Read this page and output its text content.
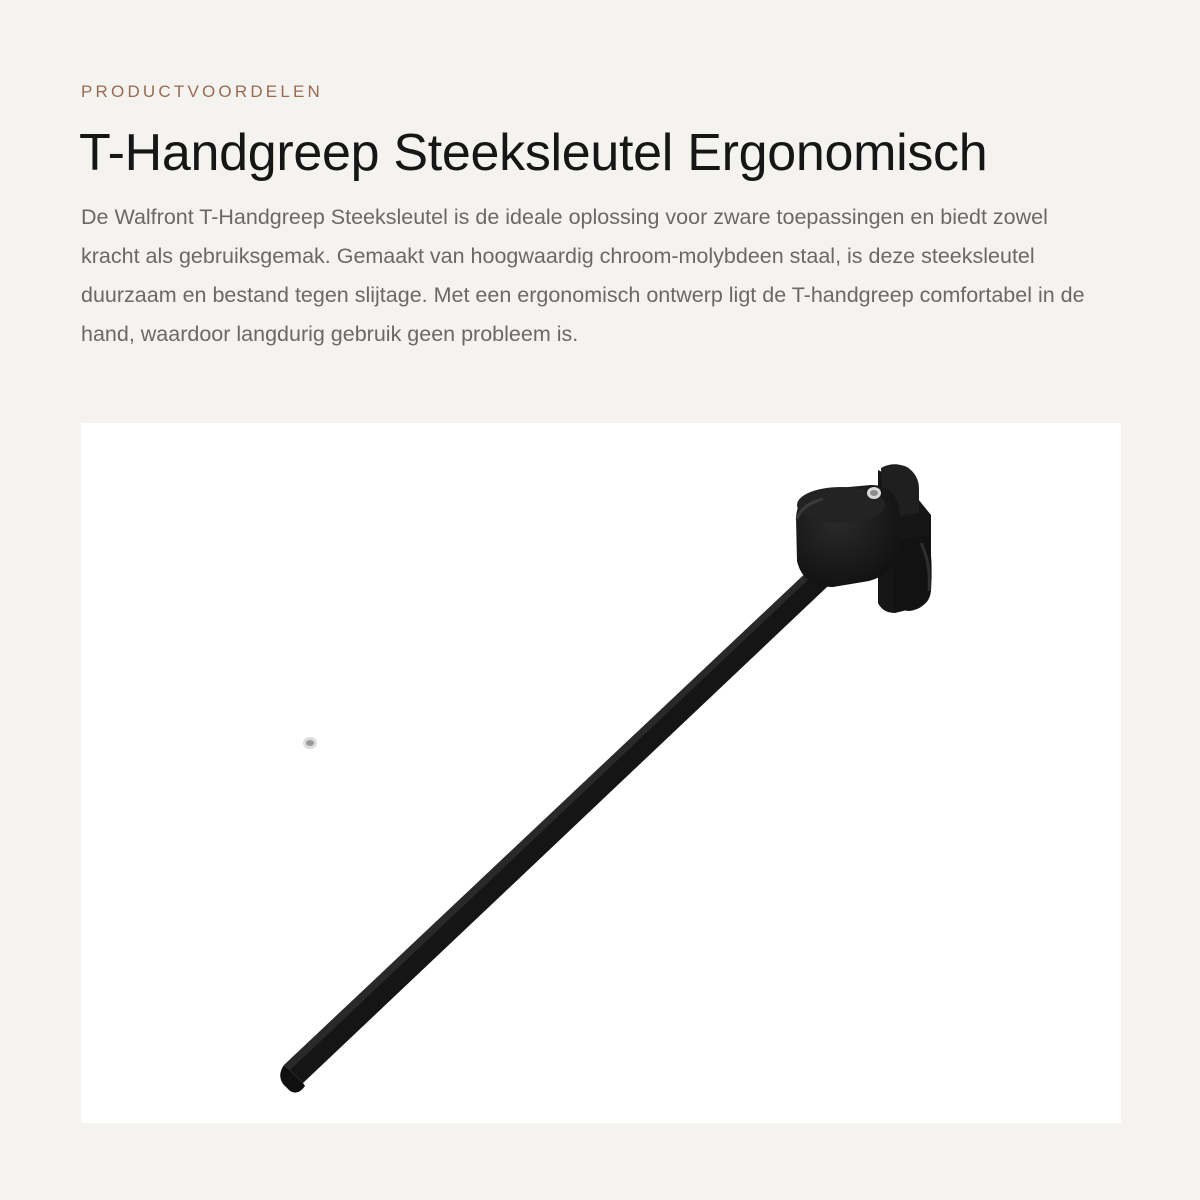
PRODUCTVOORDELEN
T-Handgreep Steeksleutel Ergonomisch

De Walfront T-Handgreep Steeksleutel is de ideale oplossing voor zware toepassingen en biedt zowel kracht als gebruiksgemak. Gemaakt van hoogwaardig chroom-molybdeen staal, is deze steeksleutel duurzaam en bestand tegen slijtage. Met een ergonomisch ontwerp ligt de T-handgreep comfortabel in de hand, waardoor langdurig gebruik geen probleem is.
